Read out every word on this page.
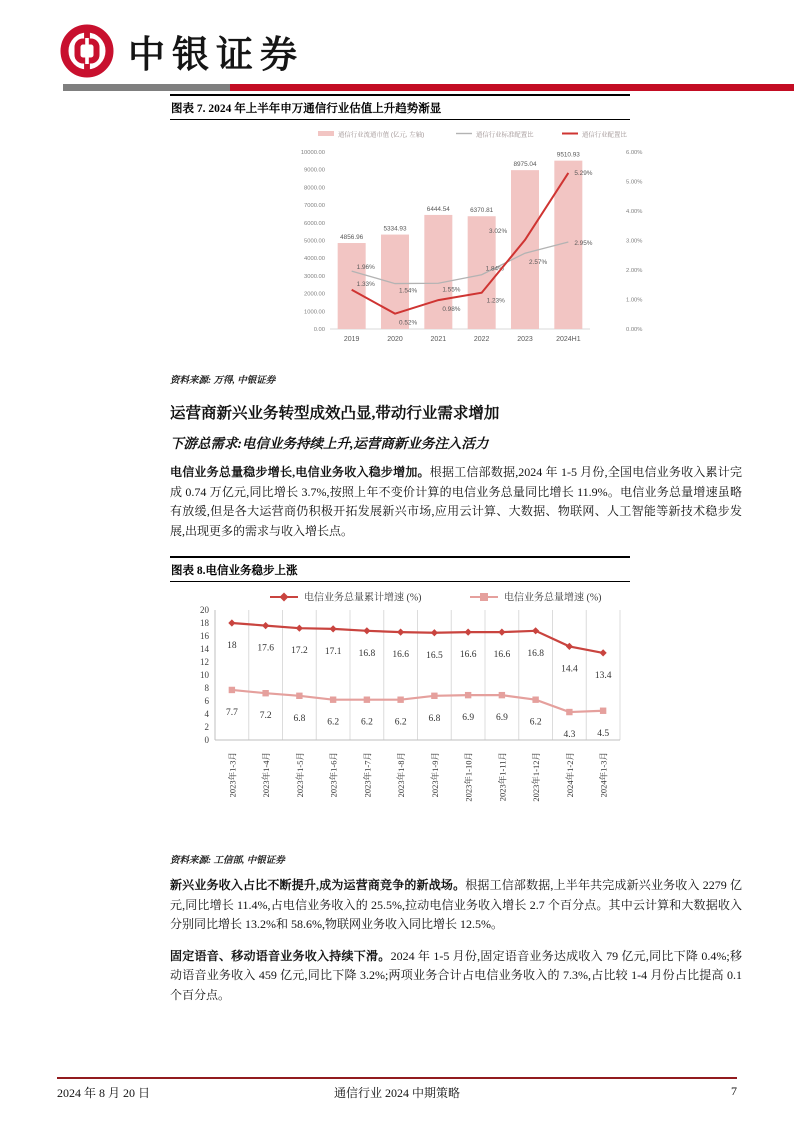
中银证券
图表 7. 2024 年上半年申万通信行业估值上升趋势渐显
通信行业流通市值 (亿元, 左轴)	通信行业标准配置比	通信行业配置比
0.00
1000.00
2000.00
3000.00
4000.00
5000.00
6000.00
7000.00
8000.00
9000.00
10000.00
0.00%
1.00%
2.00%
3.00%
4.00%
5.00%
6.00%
4856.96
2019
5334.93
2020
6444.54
2021
6370.81
2022
8975.04
2023
9510.93
2024H1
1.96%
1.54%	1.55%
1.84%
2.57%
2.95%
1.33%
0.52%
0.98%
1.23%
3.02%
5.29%
资料来源: 万得, 中银证券
运营商新兴业务转型成效凸显,带动行业需求增加
下游总需求:电信业务持续上升,运营商新业务注入活力

电信业务总量稳步增长,电信业务收入稳步增加。根据工信部数据,2024 年 1-5 月份,全国电信业务收入累计完成 0.74 万亿元,同比增长 3.7%,按照上年不变价计算的电信业务总量同比增长 11.9%。电信业务总量增速虽略有放缓,但是各大运营商仍积极开拓发展新兴市场,应用云计算、大数据、物联网、人工智能等新技术稳步发展,出现更多的需求与收入增长点。

图表 8.电信业务稳步上涨
电信业务总量累计增速 (%)	电信业务总量增速 (%)
0
2
4
6
8
10
12
14
16
18
20
2023年1-3月	2023年1-4月	2023年1-5月	2023年1-6月	2023年1-7月	2023年1-8月	2023年1-9月	2023年1-10月	2023年1-11月	2023年1-12月	2024年1-2月	2024年1-3月
18 17.6 17.2 17.1 16.8 16.6 16.5 16.6 16.6 16.8
14.4
13.4
7.7 7.2 6.8 6.2 6.2 6.2 6.8 6.9 6.9 6.2
4.3 4.5
资料来源: 工信部, 中银证券

新兴业务收入占比不断提升,成为运营商竞争的新战场。根据工信部数据,上半年共完成新兴业务收入 2279 亿元,同比增长 11.4%,占电信业务收入的 25.5%,拉动电信业务收入增长 2.7 个百分点。其中云计算和大数据收入分别同比增长 13.2%和 58.6%,物联网业务收入同比增长 12.5%。

固定语音、移动语音业务收入持续下滑。2024 年 1-5 月份,固定语音业务达成收入 79 亿元,同比下降 0.4%;移动语音业务收入 459 亿元,同比下降 3.2%;两项业务合计占电信业务收入的 7.3%,占比较 1-4 月份占比提高 0.1 个百分点。

2024 年 8 月 20 日	通信行业 2024 中期策略	7
